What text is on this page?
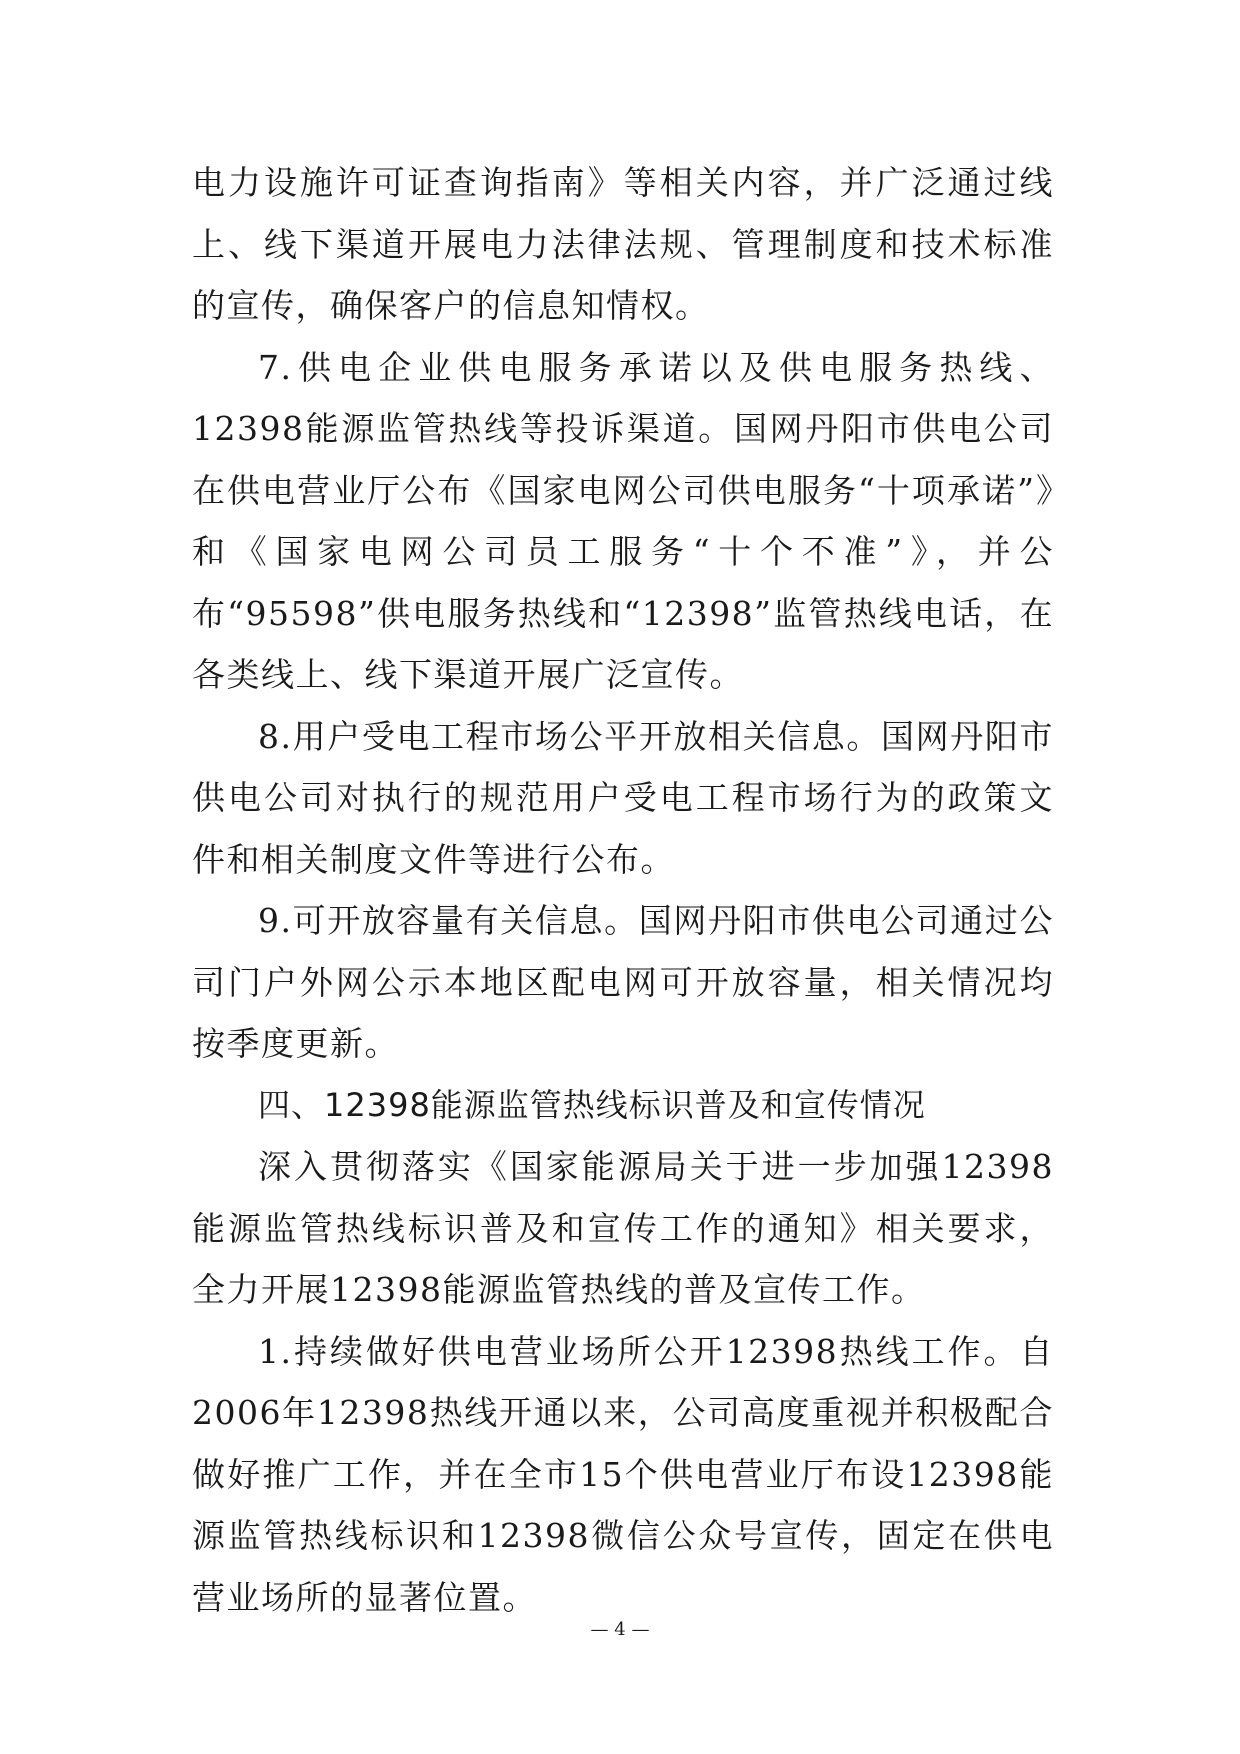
电力设施许可证查询指南》等相关内容，并广泛通过线上、线下渠道开展电力法律法规、管理制度和技术标准的宣传，确保客户的信息知情权。

7.供电企业供电服务承诺以及供电服务热线、12398能源监管热线等投诉渠道。国网丹阳市供电公司在供电营业厅公布《国家电网公司供电服务“十项承诺”》和《国家电网公司员工服务“十个不准”》，并公布“95598”供电服务热线和“12398”监管热线电话，在各类线上、线下渠道开展广泛宣传。

8.用户受电工程市场公平开放相关信息。国网丹阳市供电公司对执行的规范用户受电工程市场行为的政策文件和相关制度文件等进行公布。

9.可开放容量有关信息。国网丹阳市供电公司通过公司门户外网公示本地区配电网可开放容量，相关情况均按季度更新。

四、12398能源监管热线标识普及和宣传情况

深入贯彻落实《国家能源局关于进一步加强12398能源监管热线标识普及和宣传工作的通知》相关要求，全力开展12398能源监管热线的普及宣传工作。

1.持续做好供电营业场所公开12398热线工作。自2006年12398热线开通以来，公司高度重视并积极配合做好推广工作，并在全市15个供电营业厅布设12398能源监管热线标识和12398微信公众号宣传，固定在供电营业场所的显著位置。

— 4 —
